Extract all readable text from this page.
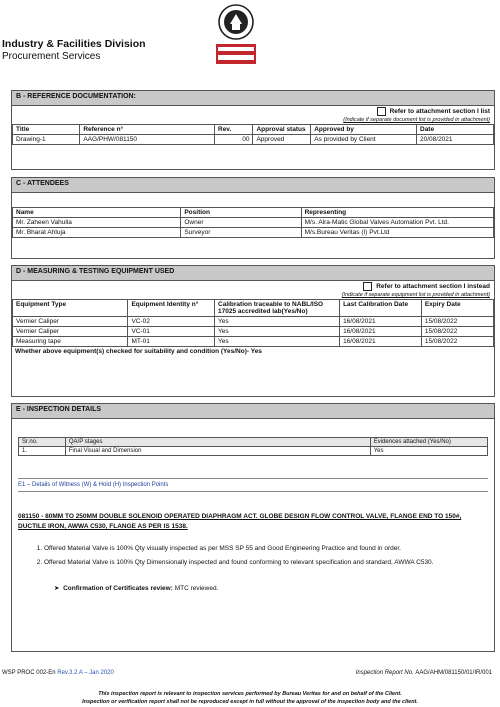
Industry & Facilities Division
Procurement Services
B - REFERENCE DOCUMENTATION:
Refer to attachment section I list
(Indicate if separate document list is provided in attachment)
Title	Reference n°	Rev.	Approval status	Approved by	Date
Drawing-1	AAG/PHW/081150	00	Approved	As provided by Client	20/08/2021
C - ATTENDEES
Name	Position	Representing
Mr. Zaheen Vahulla	Owner	M/s. Alra-Matic Global Valves Automation Pvt. Ltd.
Mr. Bharat Ahluja	Surveyor	M/s.Bureau Veritas (I) Pvt.Ltd
D - MEASURING & TESTING EQUIPMENT USED
Refer to attachment section I instead
(Indicate if separate equipment list is provided in attachment)
Equipment Type	Equipment Identity n°	Calibration traceable to NABL/ISO 17025 accredited lab(Yes/No)	Last Calibration Date	Expiry Date
Vernier Caliper	VC-02	Yes	16/08/2021	15/08/2022
Vernier Caliper	VC-01	Yes	16/08/2021	15/08/2022
Measuring tape	MT-01	Yes	16/08/2021	15/08/2022
Whether above equipment(s) checked for suitability and condition (Yes/No)- Yes
E - INSPECTION DETAILS
Sr.no.	QA/P stages	Evidences attached (Yes/No)
1.	Final Visual and Dimension	Yes
E1 – Details of Witness (W) & Hold (H) Inspection Points
081150 - 80MM TO 250MM DOUBLE SOLENOID OPERATED DIAPHRAGM ACT. GLOBE DESIGN FLOW CONTROL VALVE, FLANGE END TO 150#, DUCTILE IRON, AWWA C530, FLANGE AS PER IS 1538.
1. Offered Material Valve is 100% Qty visually inspected as per MSS SP 55 and Good Engineering Practice and found in order.
2. Offered Material Valve is 100% Qty Dimensionally inspected and found conforming to relevant specification and standard, AWWA C530.
➤  Confirmation of Certificates review: MTC reviewed.
WSP PROC 002-En Rev.3.2 A – Jan 2020	Inspection Report No. AAG/AHM/081150/01/IR/001
This inspection report is relevant to inspection services performed by Bureau Veritas for and on behalf of the Client.
Inspection or verification report shall not be reproduced except in full without the approval of the inspection body and the client.
